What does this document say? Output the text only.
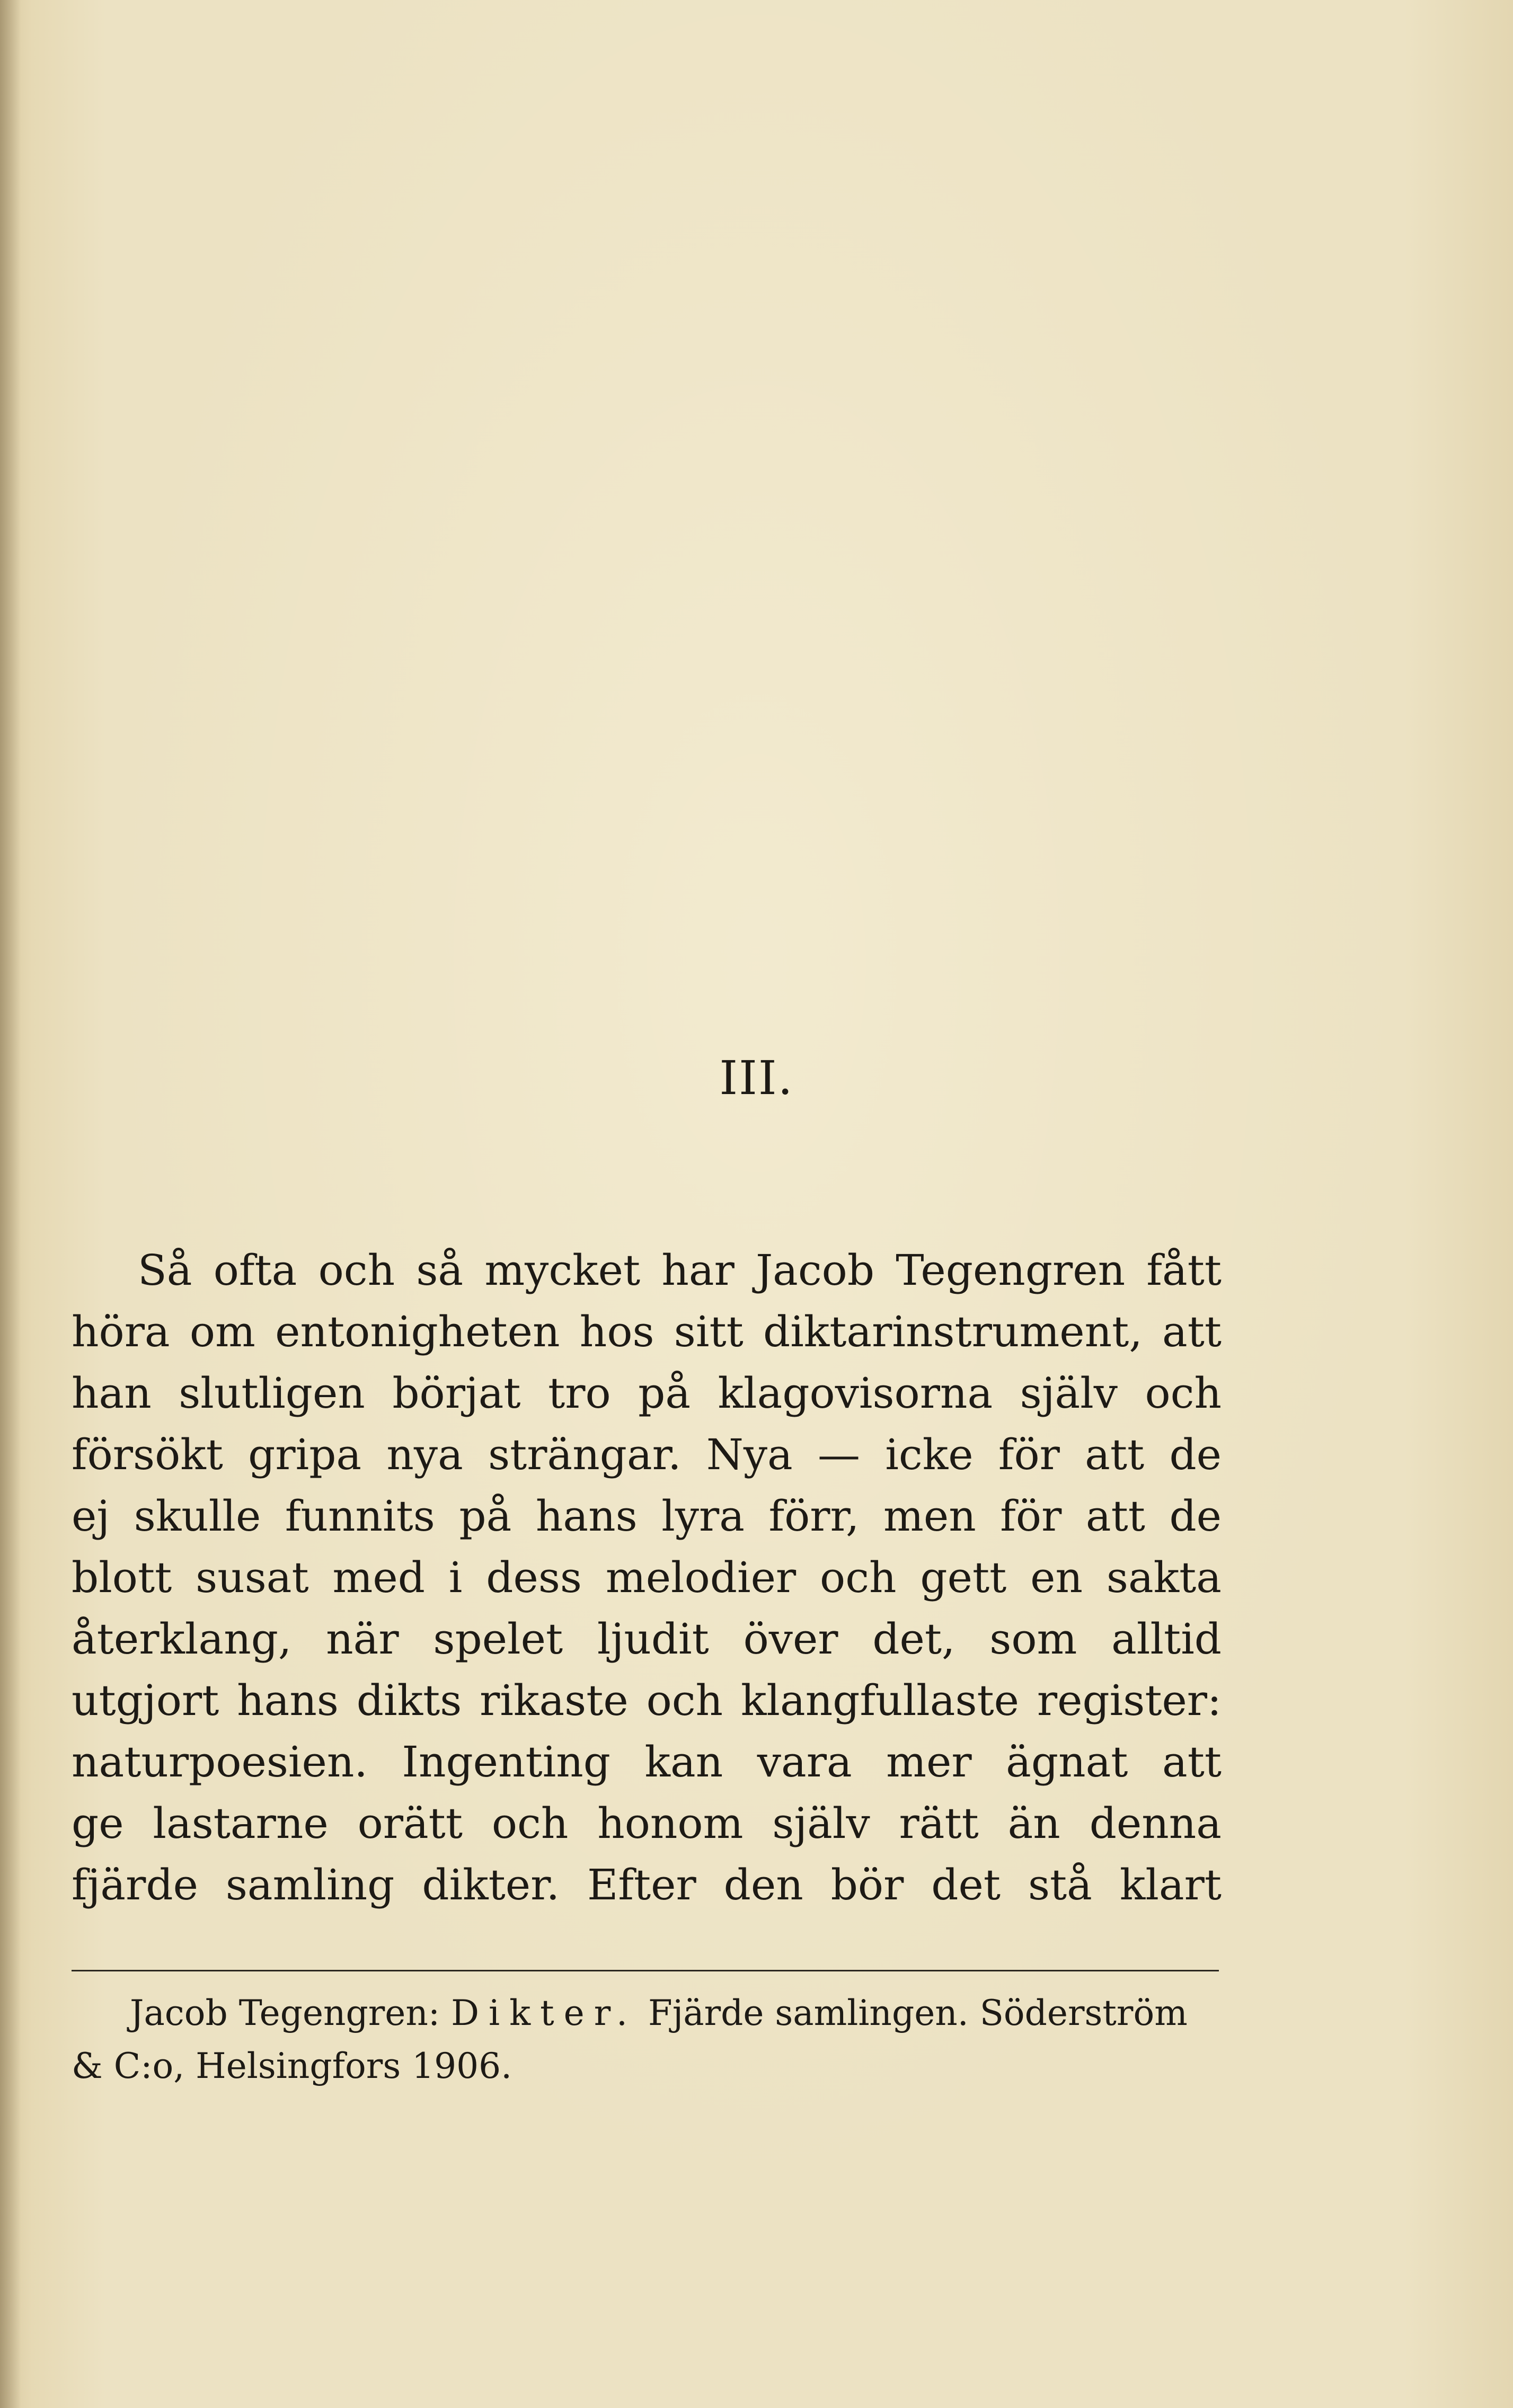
III.
Så ofta och så mycket har Jacob Tegengren fått
höra om entonigheten hos sitt diktarinstrument, att
han slutligen börjat tro på klagovisorna själv och
försökt gripa nya strängar. Nya — icke för att de
ej skulle funnits på hans lyra förr, men för att de
blott susat med i dess melodier och gett en sakta
återklang, när spelet ljudit över det, som alltid
utgjort hans dikts rikaste och klangfullaste register:
naturpoesien. Ingenting kan vara mer ägnat att
ge lastarne orätt och honom själv rätt än denna
fjärde samling dikter. Efter den bör det stå klart
Jacob Tegengren: Dikter. Fjärde samlingen. Söderström
& C:o, Helsingfors 1906.
